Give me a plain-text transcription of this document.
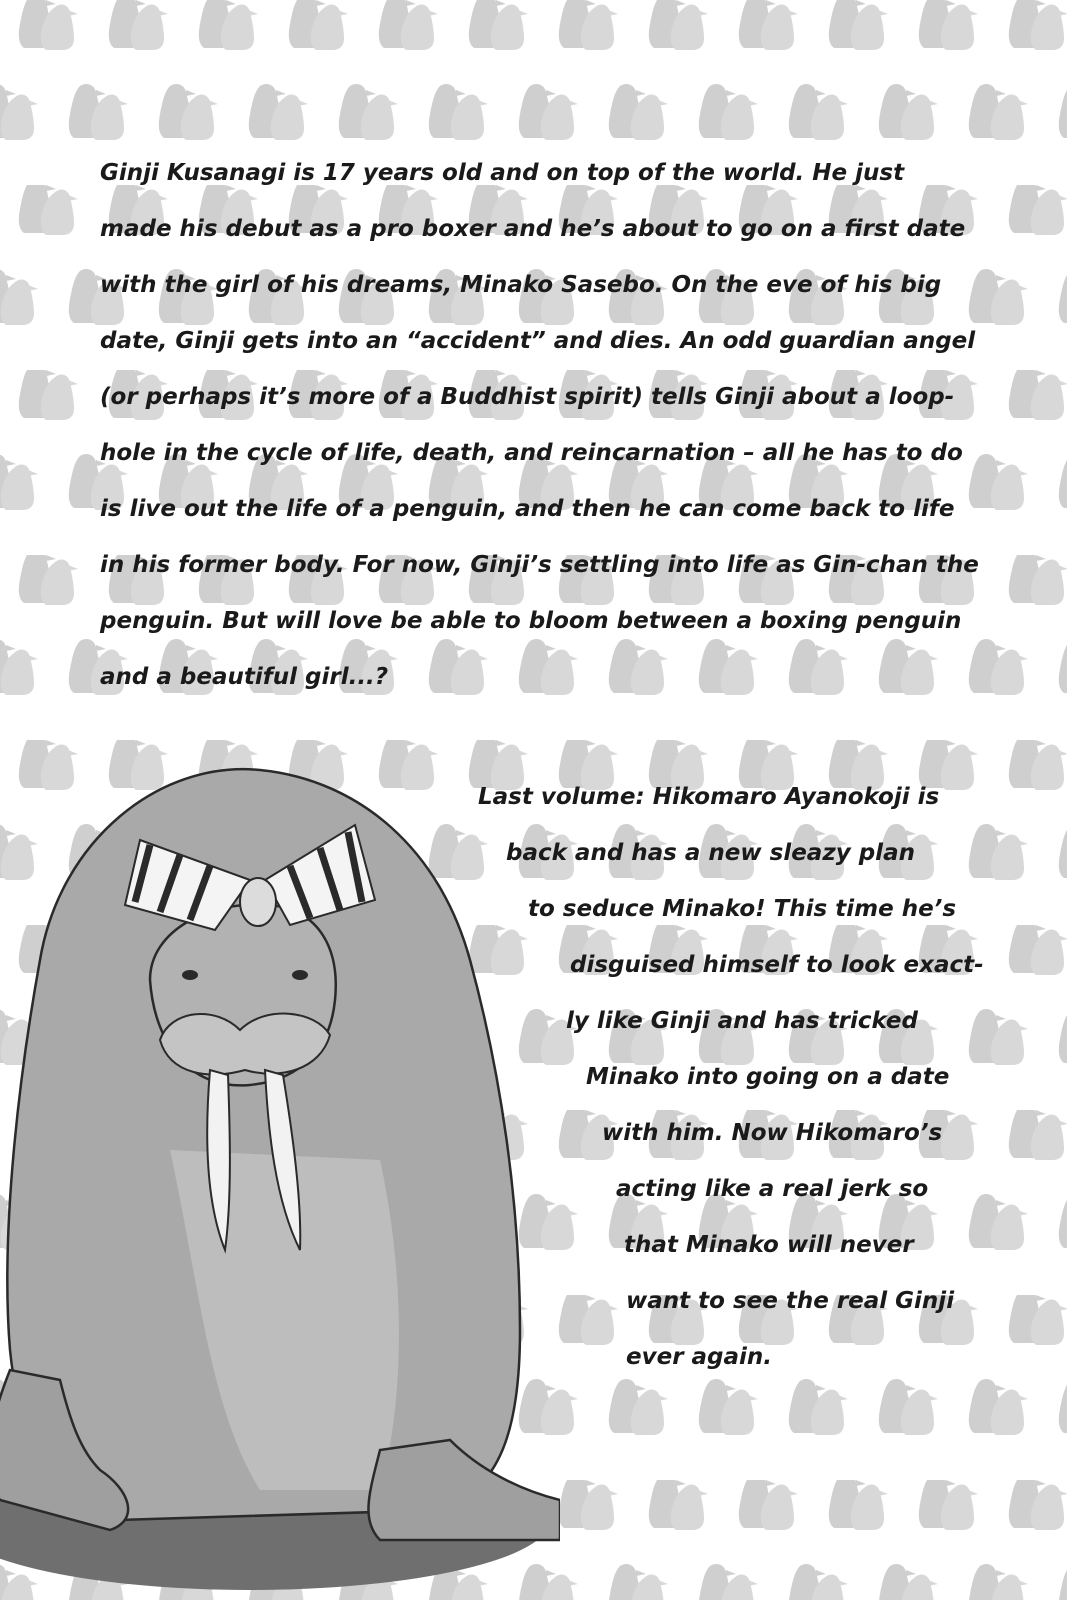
Ginji Kusanagi is 17 years old and on top of the world. He just
made his debut as a pro boxer and he’s about to go on a first date
with the girl of his dreams, Minako Sasebo. On the eve of his big
date, Ginji gets into an “accident” and dies. An odd guardian angel
(or perhaps it’s more of a Buddhist spirit) tells Ginji about a loop-
hole in the cycle of life, death, and reincarnation – all he has to do
is live out the life of a penguin, and then he can come back to life
in his former body. For now, Ginji’s settling into life as Gin-chan the
penguin. But will love be able to bloom between a boxing penguin
and a beautiful girl...?
Last volume: Hikomaro Ayanokoji is
back and has a new sleazy plan
to seduce Minako! This time he’s
disguised himself to look exact-
ly like Ginji and has tricked
Minako into going on a date
with him. Now Hikomaro’s
acting like a real jerk so
that Minako will never
want to see the real Ginji
ever again.
